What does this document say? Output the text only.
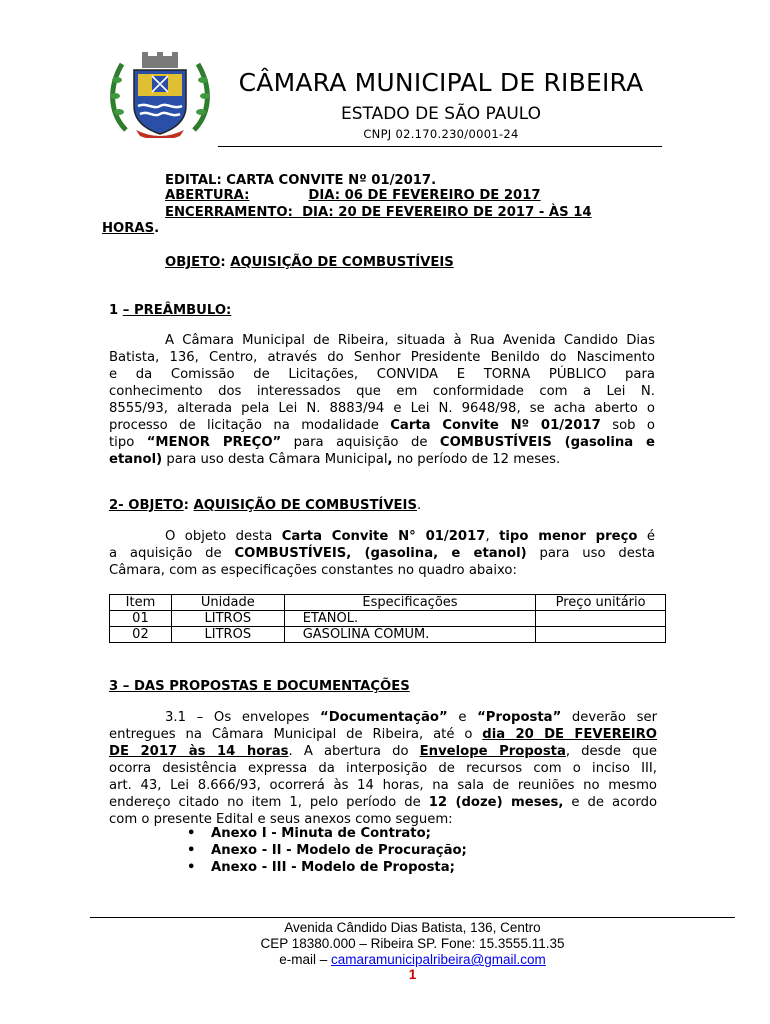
CÂMARA MUNICIPAL DE RIBEIRA
ESTADO DE SÃO PAULO
CNPJ 02.170.230/0001-24
EDITAL: CARTA CONVITE Nº 01/2017.
ABERTURA:	DIA: 06 DE FEVEREIRO DE 2017
ENCERRAMENTO: DIA: 20 DE FEVEREIRO DE 2017 - ÀS 14
HORAS.
OBJETO: AQUISIÇÃO DE COMBUSTÍVEIS
1 – PREÂMBULO:
A Câmara Municipal de Ribeira, situada à Rua Avenida Candido Dias
Batista, 136, Centro, através do Senhor Presidente Benildo do Nascimento
e da Comissão de Licitações, CONVIDA E TORNA PÚBLICO para
conhecimento dos interessados que em conformidade com a Lei N.
8555/93, alterada pela Lei N. 8883/94 e Lei N. 9648/98, se acha aberto o
processo de licitação na modalidade Carta Convite Nº 01/2017 sob o
tipo “MENOR PREÇO” para aquisição de COMBUSTÍVEIS (gasolina e
etanol) para uso desta Câmara Municipal, no período de 12 meses.
2- OBJETO: AQUISIÇÃO DE COMBUSTÍVEIS.
O objeto desta Carta Convite N° 01/2017, tipo menor preço é
a aquisição de COMBUSTÍVEIS, (gasolina, e etanol) para uso desta
Câmara, com as especificações constantes no quadro abaixo:
Item	Unidade	Especificações	Preço unitário
01	LITROS	ETANOL.	
02	LITROS	GASOLINA COMUM.	
3 – DAS PROPOSTAS E DOCUMENTAÇÕES
3.1 – Os envelopes “Documentação” e “Proposta” deverão ser
entregues na Câmara Municipal de Ribeira, até o dia 20 DE FEVEREIRO
DE 2017 às 14 horas. A abertura do Envelope Proposta, desde que
ocorra desistência expressa da interposição de recursos com o inciso III,
art. 43, Lei 8.666/93, ocorrerá às 14 horas, na sala de reuniões no mesmo
endereço citado no item 1, pelo período de 12 (doze) meses, e de acordo
com o presente Edital e seus anexos como seguem:
• Anexo I - Minuta de Contrato;
• Anexo - II - Modelo de Procuração;
• Anexo - III - Modelo de Proposta;
Avenida Cândido Dias Batista, 136, Centro
CEP 18380.000 – Ribeira SP. Fone: 15.3555.11.35
e-mail – camaramunicipalribeira@gmail.com
1
